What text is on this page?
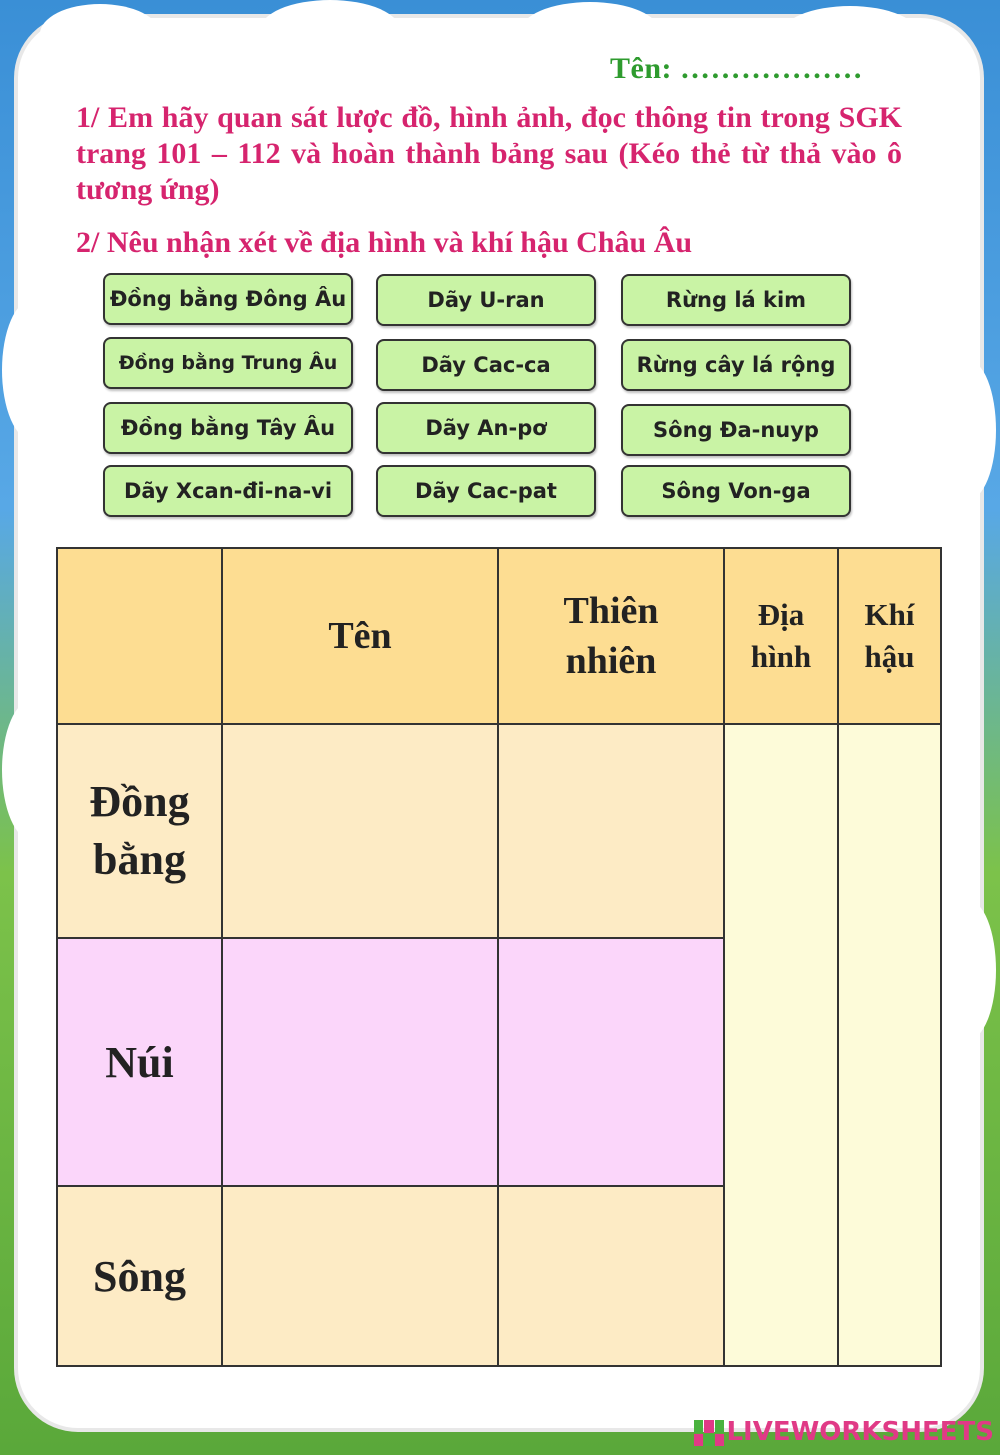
Tên: ………………
1/ Em hãy quan sát lược đồ, hình ảnh, đọc thông tin trong SGK trang 101 – 112 và hoàn thành bảng sau (Kéo thẻ từ thả vào ô tương ứng)
2/ Nêu nhận xét về địa hình và khí hậu Châu Âu
Đồng bằng Đông Âu	Dãy U-ran	Rừng lá kim
Đồng bằng Trung Âu	Dãy Cac-ca	Rừng cây lá rộng
Đồng bằng Tây Âu	Dãy An-pơ	Sông Đa-nuyp
Dãy Xcan-đi-na-vi	Dãy Cac-pat	Sông Von-ga
	Tên	Thiên nhiên	Địa hình	Khí hậu
Đồng bằng				
Núi				
Sông				
LIVEWORKSHEETS
